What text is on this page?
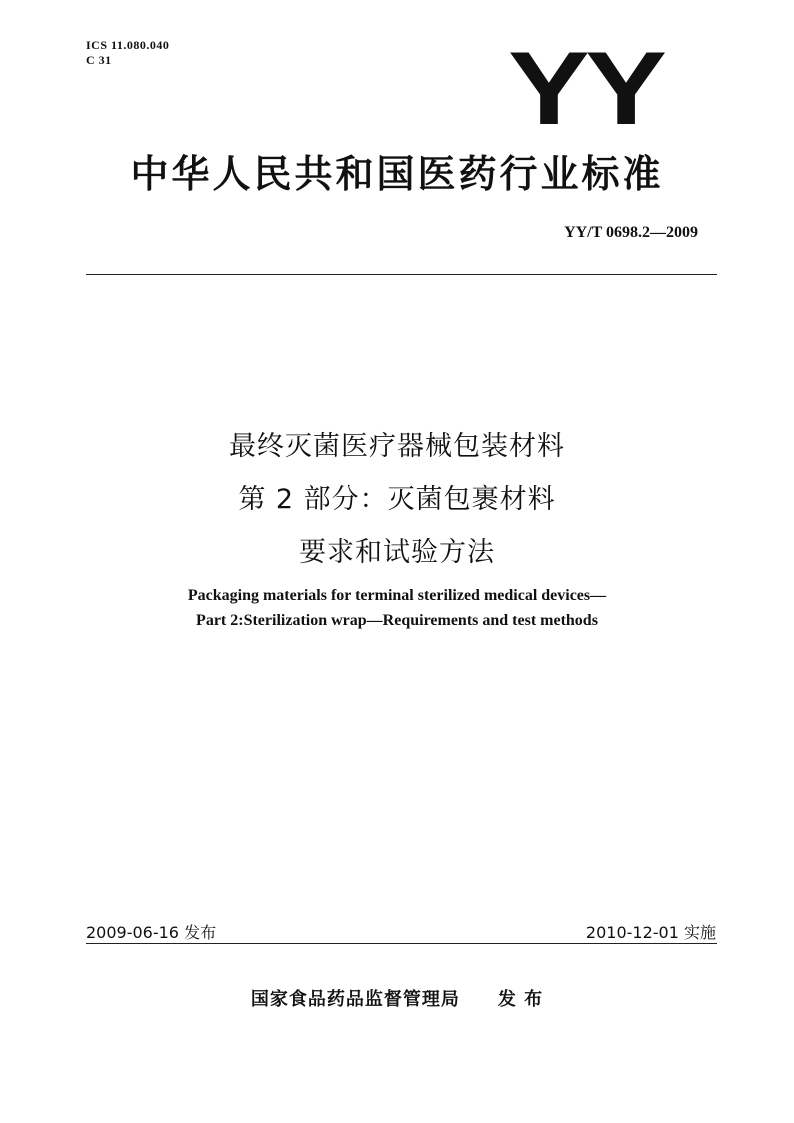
ICS 11.080.040
C 31	YY
中华人民共和国医药行业标准
YY/T 0698.2—2009
最终灭菌医疗器械包装材料
第 2 部分：灭菌包裹材料
要求和试验方法
Packaging materials for terminal sterilized medical devices—
Part 2:Sterilization wrap—Requirements and test methods
2009-06-16 发布	2010-12-01 实施
国家食品药品监督管理局 发 布
